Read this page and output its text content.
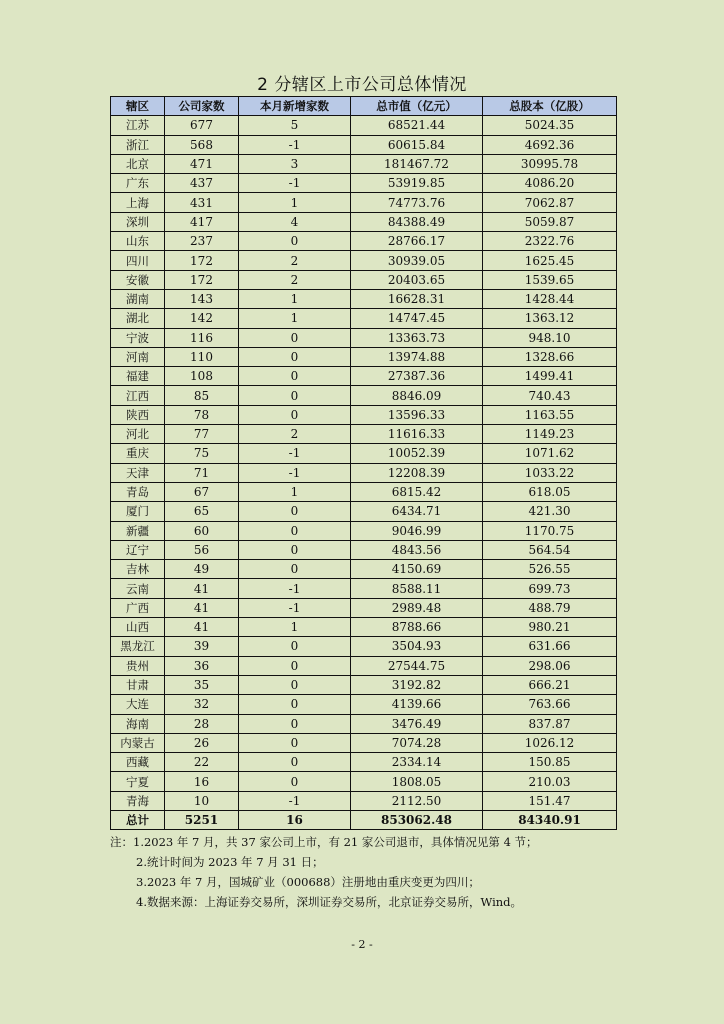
2 分辖区上市公司总体情况
辖区	公司家数	本月新增家数	总市值（亿元）	总股本（亿股）
江苏	677	5	68521.44	5024.35
浙江	568	-1	60615.84	4692.36
北京	471	3	181467.72	30995.78
广东	437	-1	53919.85	4086.20
上海	431	1	74773.76	7062.87
深圳	417	4	84388.49	5059.87
山东	237	0	28766.17	2322.76
四川	172	2	30939.05	1625.45
安徽	172	2	20403.65	1539.65
湖南	143	1	16628.31	1428.44
湖北	142	1	14747.45	1363.12
宁波	116	0	13363.73	948.10
河南	110	0	13974.88	1328.66
福建	108	0	27387.36	1499.41
江西	85	0	8846.09	740.43
陕西	78	0	13596.33	1163.55
河北	77	2	11616.33	1149.23
重庆	75	-1	10052.39	1071.62
天津	71	-1	12208.39	1033.22
青岛	67	1	6815.42	618.05
厦门	65	0	6434.71	421.30
新疆	60	0	9046.99	1170.75
辽宁	56	0	4843.56	564.54
吉林	49	0	4150.69	526.55
云南	41	-1	8588.11	699.73
广西	41	-1	2989.48	488.79
山西	41	1	8788.66	980.21
黑龙江	39	0	3504.93	631.66
贵州	36	0	27544.75	298.06
甘肃	35	0	3192.82	666.21
大连	32	0	4139.66	763.66
海南	28	0	3476.49	837.87
内蒙古	26	0	7074.28	1026.12
西藏	22	0	2334.14	150.85
宁夏	16	0	1808.05	210.03
青海	10	-1	2112.50	151.47
总计	5251	16	853062.48	84340.91
注：1.2023 年 7 月，共 37 家公司上市，有 21 家公司退市，具体情况见第 4 节；
2.统计时间为 2023 年 7 月 31 日；
3.2023 年 7 月，国城矿业（000688）注册地由重庆变更为四川；
4.数据来源：上海证券交易所，深圳证券交易所，北京证券交易所，Wind。
- 2 -
